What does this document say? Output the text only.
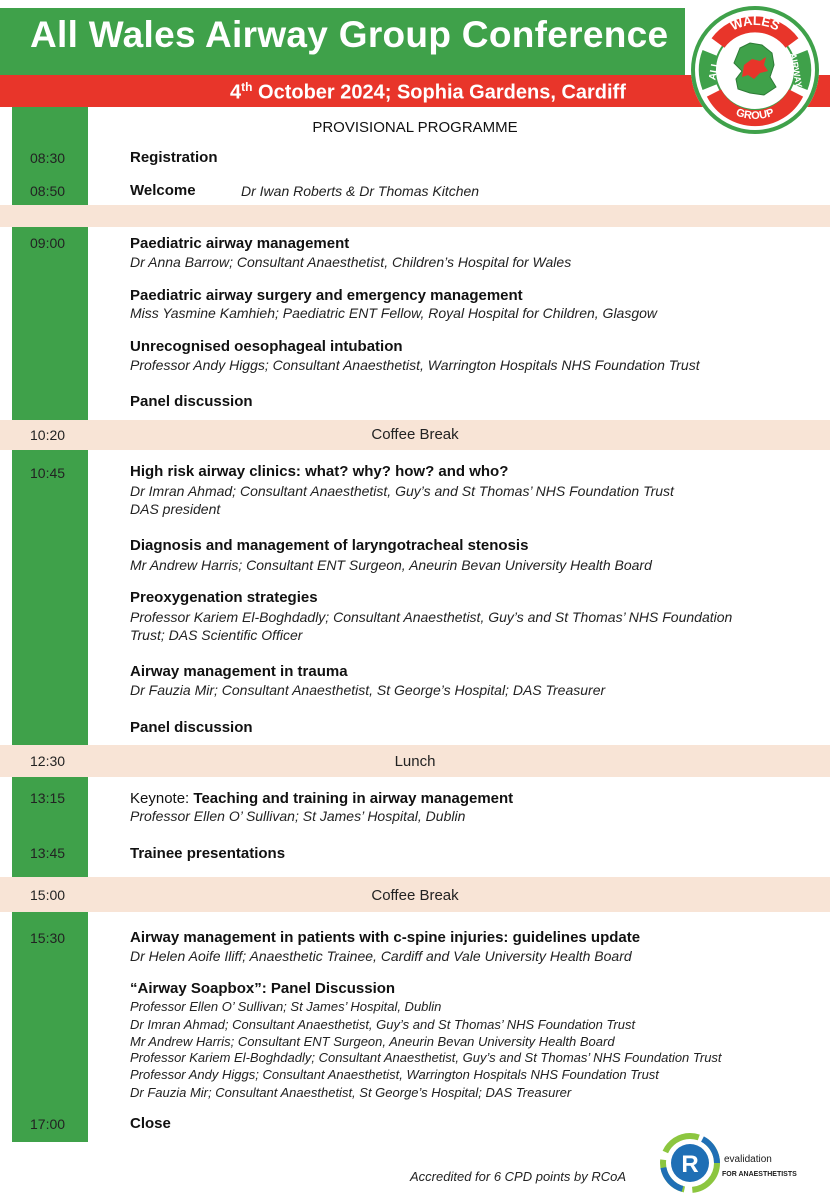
All Wales Airway Group Conference
4th October 2024; Sophia Gardens, Cardiff
WALES
ALL	AIRWAY
GROUP
PROVISIONAL PROGRAMME
08:30	Registration
08:50	Welcome	Dr Iwan Roberts & Dr Thomas Kitchen
09:00	Paediatric airway management
Dr Anna Barrow; Consultant Anaesthetist, Children’s Hospital for Wales
Paediatric airway surgery and emergency management
Miss Yasmine Kamhieh; Paediatric ENT Fellow, Royal Hospital for Children, Glasgow
Unrecognised oesophageal intubation
Professor Andy Higgs; Consultant Anaesthetist, Warrington Hospitals NHS Foundation Trust
Panel discussion
10:20	Coffee Break
10:45	High risk airway clinics: what? why? how? and who?
Dr Imran Ahmad; Consultant Anaesthetist, Guy’s and St Thomas’ NHS Foundation Trust
DAS president
Diagnosis and management of laryngotracheal stenosis
Mr Andrew Harris; Consultant ENT Surgeon, Aneurin Bevan University Health Board
Preoxygenation strategies
Professor Kariem El-Boghdadly; Consultant Anaesthetist, Guy’s and St Thomas’ NHS Foundation
Trust; DAS Scientific Officer
Airway management in trauma
Dr Fauzia Mir; Consultant Anaesthetist, St George’s Hospital; DAS Treasurer
Panel discussion
12:30	Lunch
13:15	Keynote: Teaching and training in airway management
Professor Ellen O’ Sullivan; St James’ Hospital, Dublin
13:45	Trainee presentations
15:00	Coffee Break
15:30	Airway management in patients with c-spine injuries: guidelines update
Dr Helen Aoife Iliff; Anaesthetic Trainee, Cardiff and Vale University Health Board
“Airway Soapbox”: Panel Discussion
Professor Ellen O’ Sullivan; St James’ Hospital, Dublin
Dr Imran Ahmad; Consultant Anaesthetist, Guy’s and St Thomas’ NHS Foundation Trust
Mr Andrew Harris; Consultant ENT Surgeon, Aneurin Bevan University Health Board
Professor Kariem El-Boghdadly; Consultant Anaesthetist, Guy’s and St Thomas’ NHS Foundation Trust
Professor Andy Higgs; Consultant Anaesthetist, Warrington Hospitals NHS Foundation Trust
Dr Fauzia Mir; Consultant Anaesthetist, St George’s Hospital; DAS Treasurer
17:00	Close
Accredited for 6 CPD points by RCoA R	evalidation
FOR ANAESTHETISTS
